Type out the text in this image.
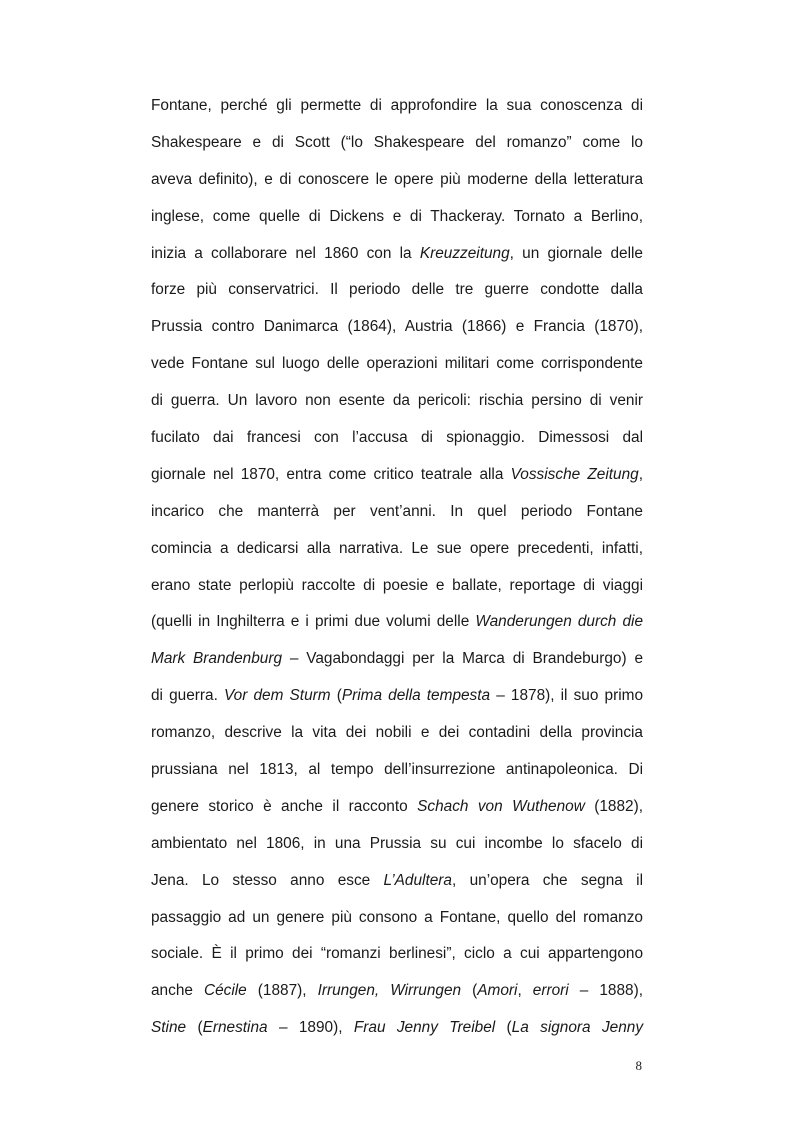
Fontane, perché gli permette di approfondire la sua conoscenza di
Shakespeare e di Scott (“lo Shakespeare del romanzo” come lo
aveva definito), e di conoscere le opere più moderne della letteratura
inglese, come quelle di Dickens e di Thackeray. Tornato a Berlino,
inizia a collaborare nel 1860 con la Kreuzzeitung, un giornale delle
forze più conservatrici. Il periodo delle tre guerre condotte dalla
Prussia contro Danimarca (1864), Austria (1866) e Francia (1870),
vede Fontane sul luogo delle operazioni militari come corrispondente
di guerra. Un lavoro non esente da pericoli: rischia persino di venir
fucilato dai francesi con l’accusa di spionaggio. Dimessosi dal
giornale nel 1870, entra come critico teatrale alla Vossische Zeitung,
incarico che manterrà per vent’anni. In quel periodo Fontane
comincia a dedicarsi alla narrativa. Le sue opere precedenti, infatti,
erano state perlopiù raccolte di poesie e ballate, reportage di viaggi
(quelli in Inghilterra e i primi due volumi delle Wanderungen durch die
Mark Brandenburg – Vagabondaggi per la Marca di Brandeburgo) e
di guerra. Vor dem Sturm (Prima della tempesta – 1878), il suo primo
romanzo, descrive la vita dei nobili e dei contadini della provincia
prussiana nel 1813, al tempo dell’insurrezione antinapoleonica. Di
genere storico è anche il racconto Schach von Wuthenow (1882),
ambientato nel 1806, in una Prussia su cui incombe lo sfacelo di
Jena. Lo stesso anno esce L’Adultera, un’opera che segna il
passaggio ad un genere più consono a Fontane, quello del romanzo
sociale. È il primo dei “romanzi berlinesi”, ciclo a cui appartengono
anche Cécile (1887), Irrungen, Wirrungen (Amori, errori – 1888),
Stine (Ernestina – 1890), Frau Jenny Treibel (La signora Jenny
8
